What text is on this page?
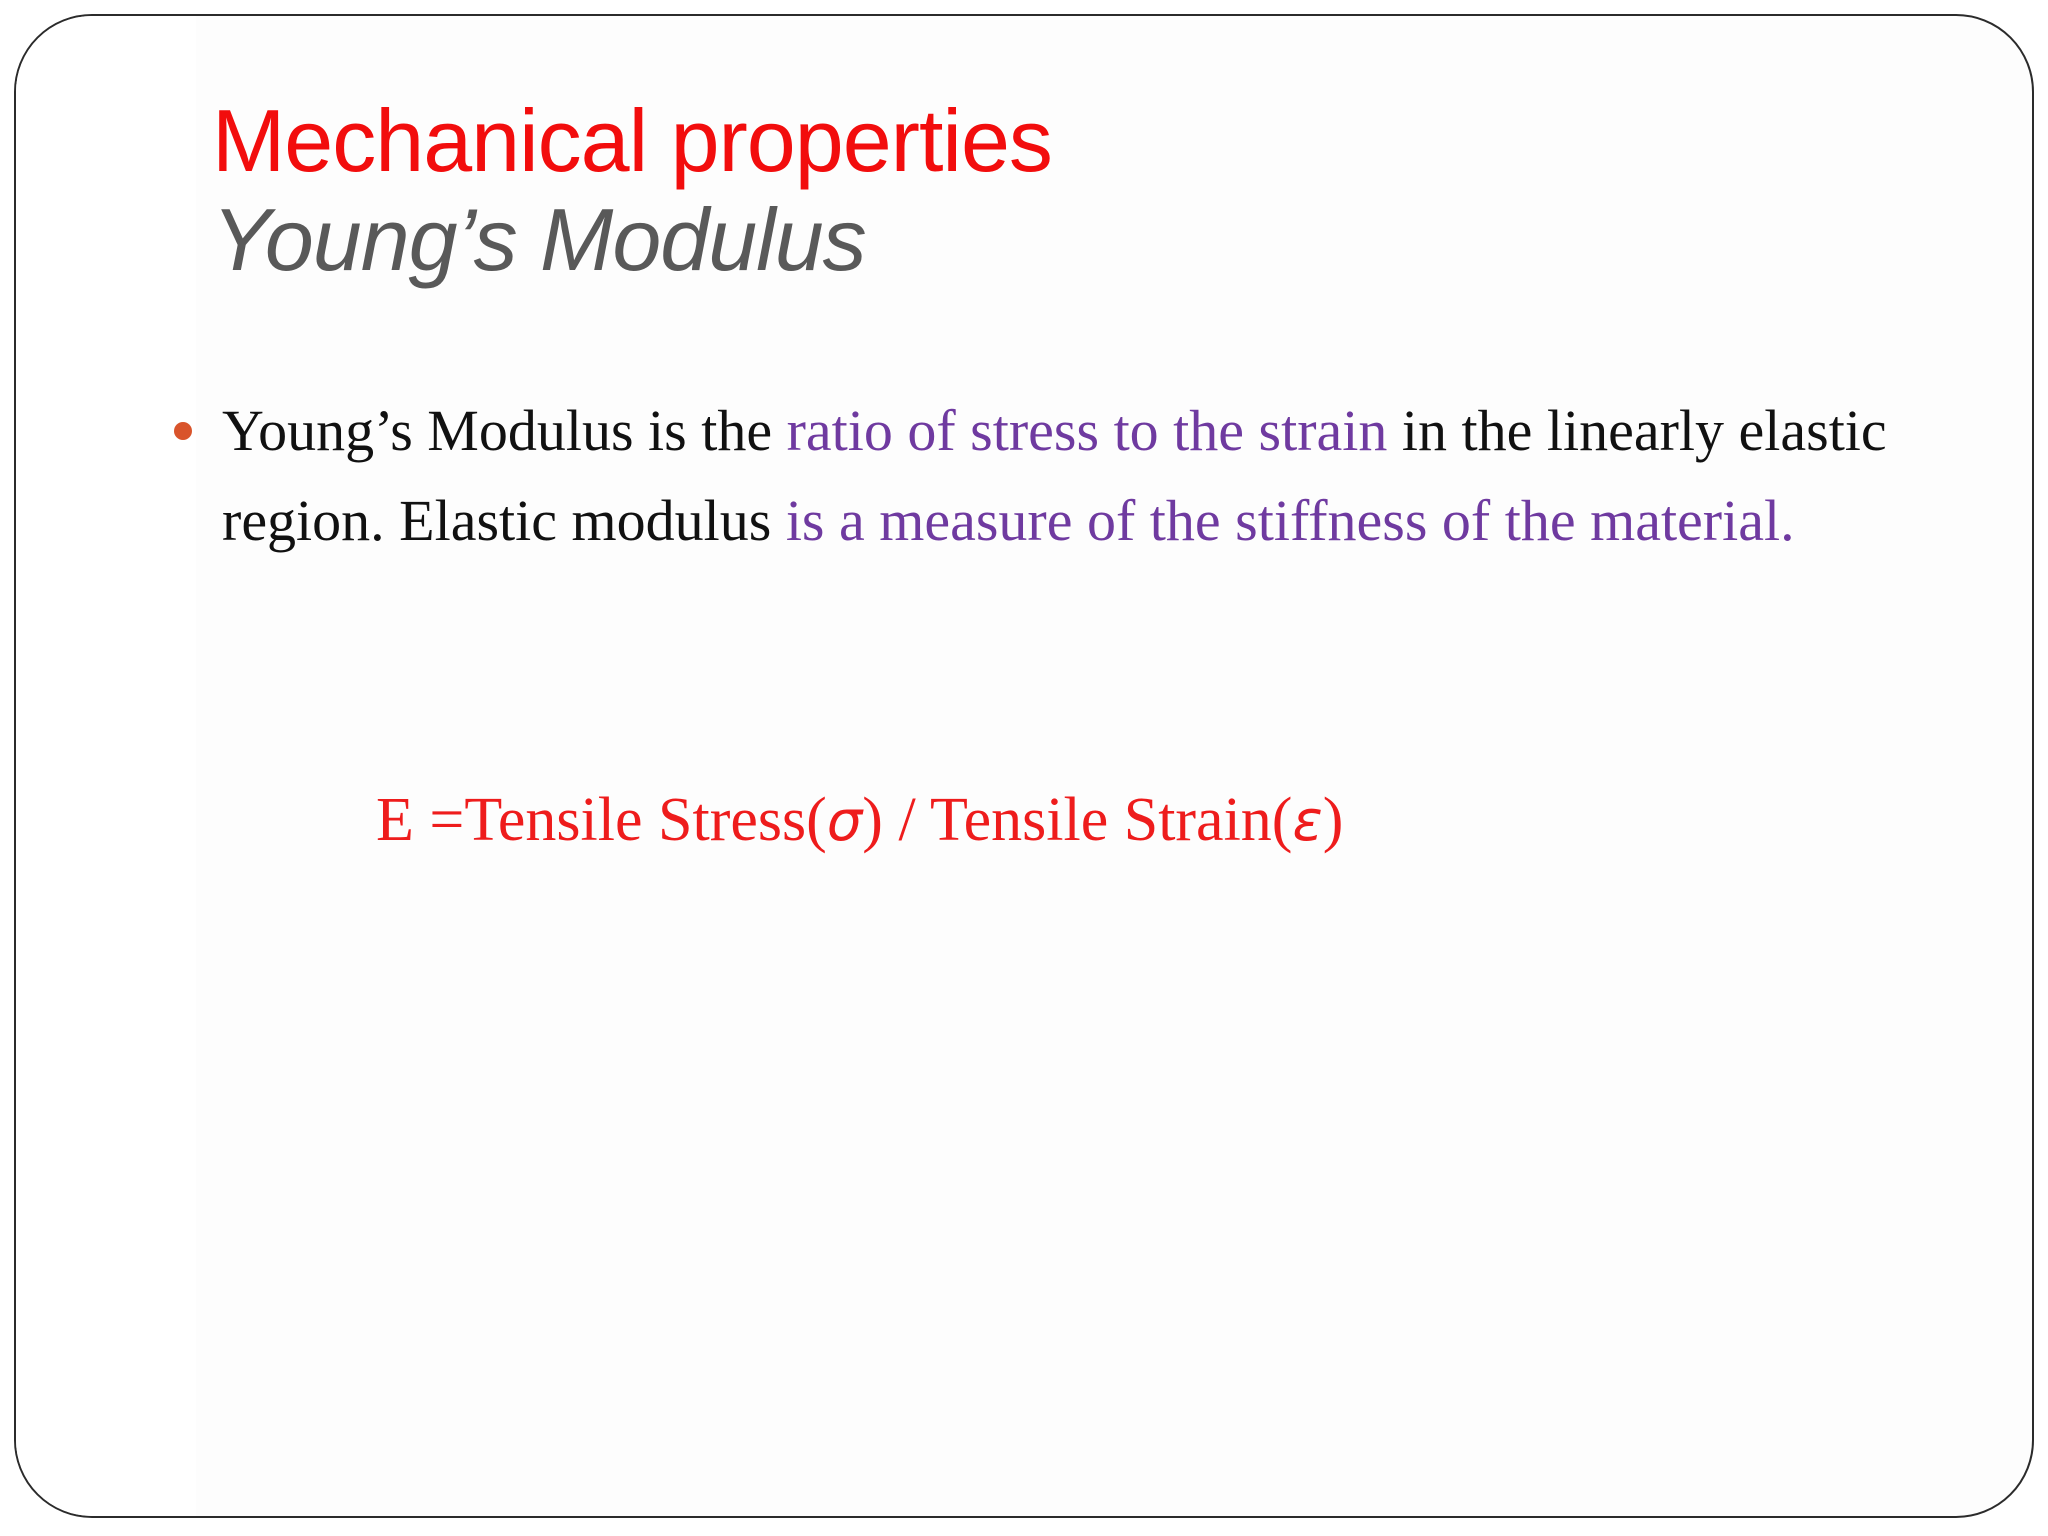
Mechanical properties
Young’s Modulus
Young’s Modulus is the ratio of stress to the strain in the linearly elastic region. Elastic modulus is a measure of the stiffness of the material.
E =Tensile Stress(σ) / Tensile Strain(ε)
